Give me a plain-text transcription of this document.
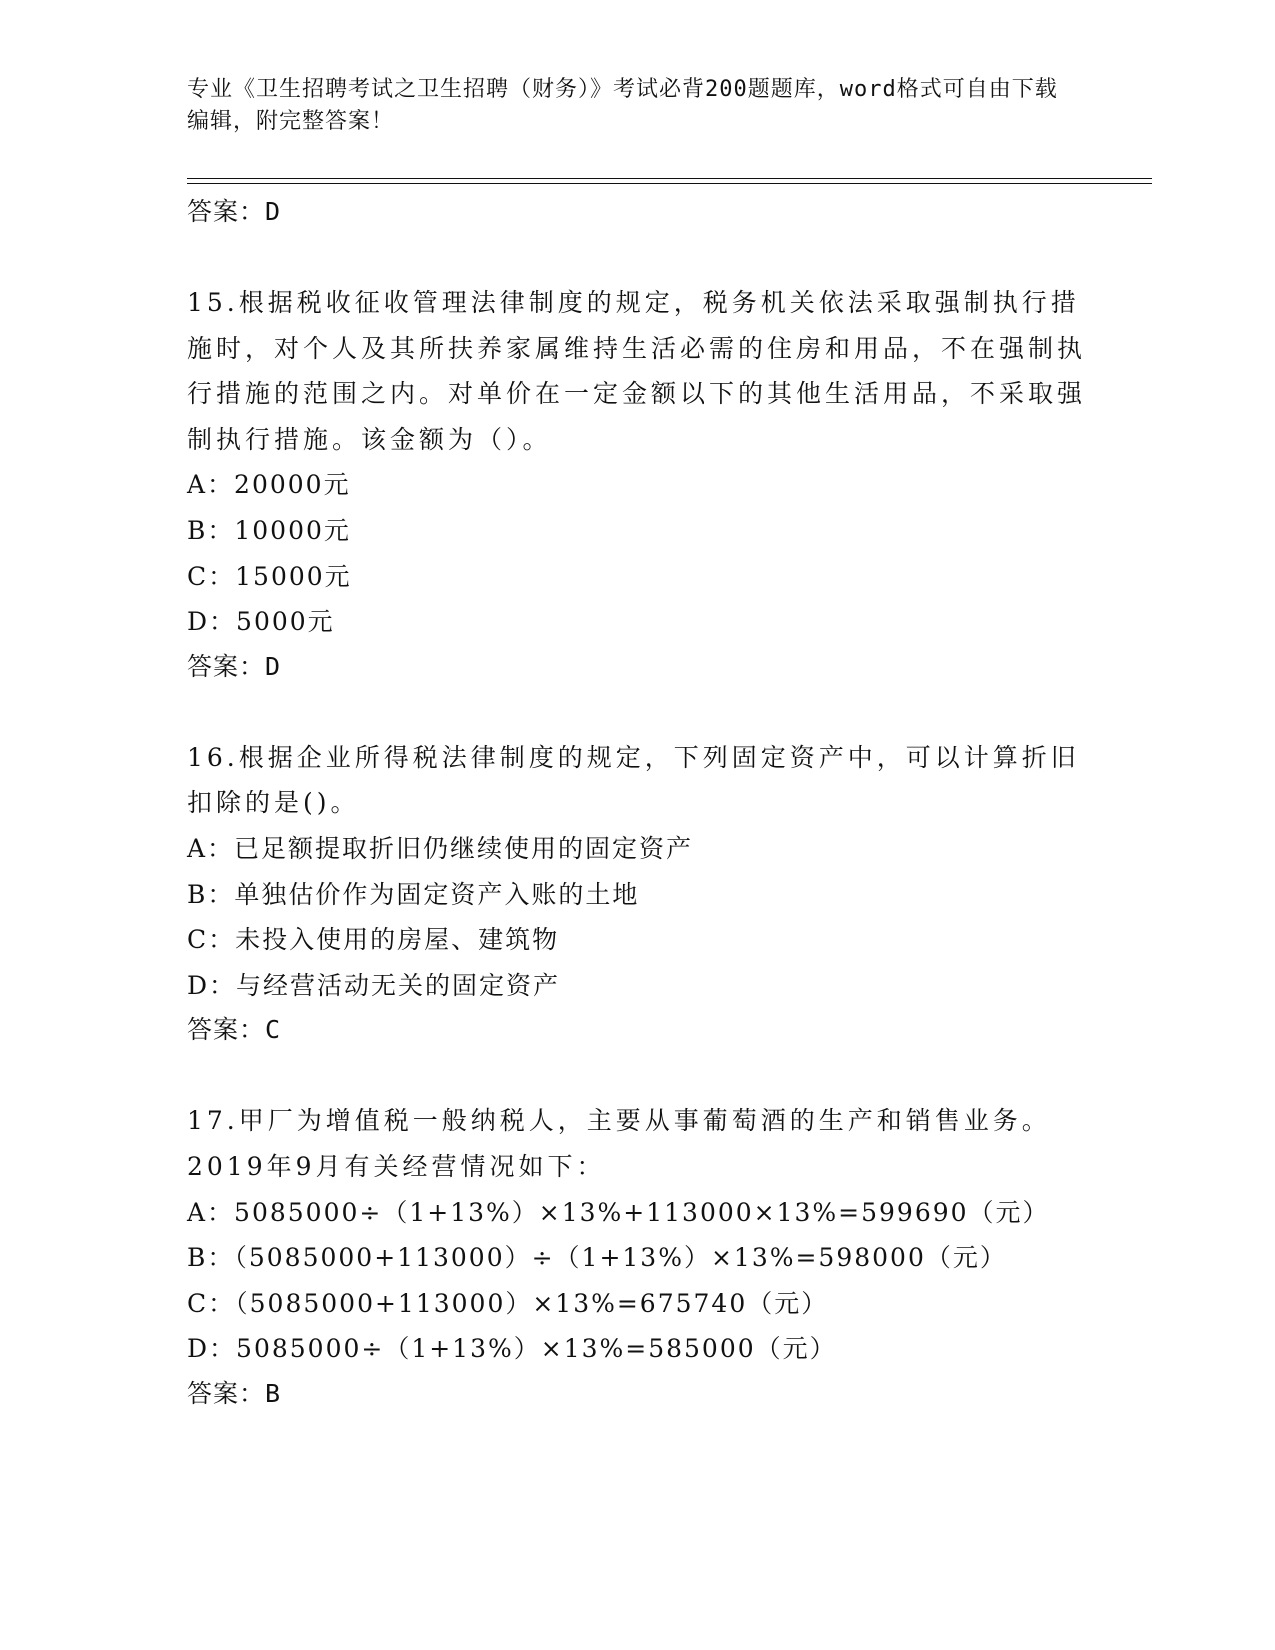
专业《卫生招聘考试之卫生招聘（财务）》考试必背200题题库，word格式可自由下载编辑，附完整答案！
答案：D
15.根据税收征收管理法律制度的规定，税务机关依法采取强制执行措施时，对个人及其所扶养家属维持生活必需的住房和用品，不在强制执行措施的范围之内。对单价在一定金额以下的其他生活用品，不采取强制执行措施。该金额为（）。
A：20000元
B：10000元
C：15000元
D：5000元
答案：D
16.根据企业所得税法律制度的规定，下列固定资产中，可以计算折旧扣除的是()。
A：已足额提取折旧仍继续使用的固定资产
B：单独估价作为固定资产入账的土地
C：未投入使用的房屋、建筑物
D：与经营活动无关的固定资产
答案：C
17.甲厂为增值税一般纳税人，主要从事葡萄酒的生产和销售业务。2019年9月有关经营情况如下：
A：5085000÷（1+13%）×13%+113000×13%=599690（元）
B：（5085000+113000）÷（1+13%）×13%=598000（元）
C：（5085000+113000）×13%=675740（元）
D：5085000÷（1+13%）×13%=585000（元）
答案：B
